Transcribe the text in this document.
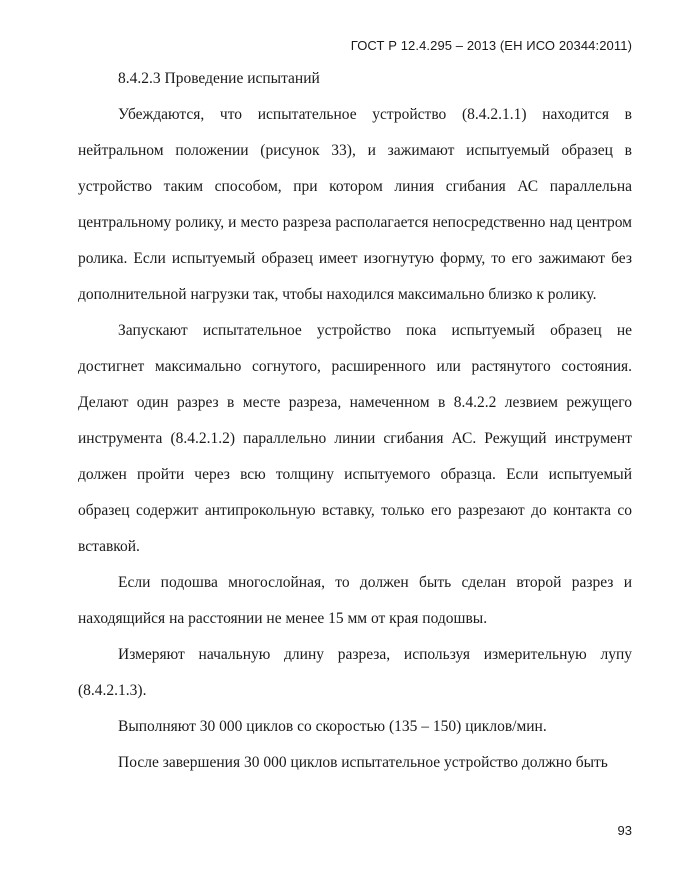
ГОСТ Р 12.4.295 – 2013 (ЕН ИСО 20344:2011)

8.4.2.3 Проведение испытаний

Убеждаются, что испытательное устройство (8.4.2.1.1) находится в нейтральном положении (рисунок 33), и зажимают испытуемый образец в устройство таким способом, при котором линия сгибания АС параллельна центральному ролику, и место разреза располагается непосредственно над центром ролика. Если испытуемый образец имеет изогнутую форму, то его зажимают без дополнительной нагрузки так, чтобы находился максимально близко к ролику.

Запускают испытательное устройство пока испытуемый образец не достигнет максимально согнутого, расширенного или растянутого состояния. Делают один разрез в месте разреза, намеченном в 8.4.2.2 лезвием режущего инструмента (8.4.2.1.2) параллельно линии сгибания АС. Режущий инструмент должен пройти через всю толщину испытуемого образца. Если испытуемый образец содержит антипрокольную вставку, только его разрезают до контакта со вставкой.

Если подошва многослойная, то должен быть сделан второй разрез и находящийся на расстоянии не менее 15 мм от края подошвы.

Измеряют начальную длину разреза, используя измерительную лупу (8.4.2.1.3).

Выполняют 30 000 циклов со скоростью (135 – 150) циклов/мин.

После завершения 30 000 циклов испытательное устройство должно быть

93
